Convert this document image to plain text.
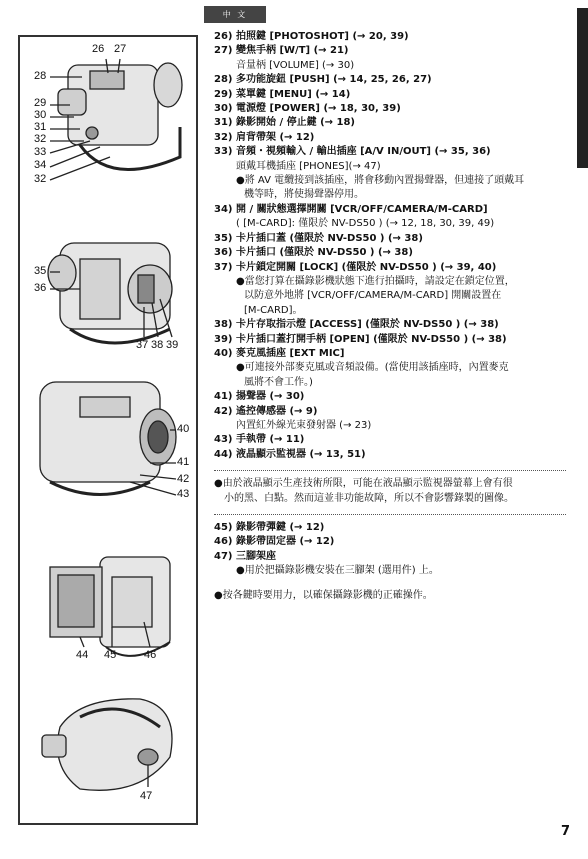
中 文
26 27
28
29
30
31
32
33
34
32
35
36
37 38 39
40
41
42
43
44 45	46
47
26) 拍照鍵 [PHOTOSHOT] (→ 20, 39)
27) 變焦手柄 [W/T] (→ 21)
音量柄 [VOLUME] (→ 30)
28) 多功能旋鈕 [PUSH] (→ 14, 25, 26, 27)
29) 菜單鍵 [MENU] (→ 14)
30) 電源燈 [POWER] (→ 18, 30, 39)
31) 錄影開始 / 停止鍵 (→ 18)
32) 肩背帶架 (→ 12)
33) 音頻・視頻輸入 / 輸出插座 [A/V IN/OUT] (→ 35, 36)
頭戴耳機插座 [PHONES](→ 47)
●將 AV 電纜接到該插座，將會移動內置揚聲器，但連接了頭戴耳
機等時，將使揚聲器停用。
34) 開 / 關狀態選擇開關 [VCR/OFF/CAMERA/M-CARD]
( [M-CARD]: 僅限於 NV-DS50 ) (→ 12, 18, 30, 39, 49)
35) 卡片插口蓋 (僅限於 NV-DS50 ) (→ 38)
36) 卡片插口 (僅限於 NV-DS50 ) (→ 38)
37) 卡片鎖定開關 [LOCK] (僅限於 NV-DS50 ) (→ 39, 40)
●當您打算在攝錄影機狀態下進行拍攝時，請設定在鎖定位置，
以防意外地將 [VCR/OFF/CAMERA/M-CARD] 開關設置在
[M-CARD]。
38) 卡片存取指示燈 [ACCESS] (僅限於 NV-DS50 ) (→ 38)
39) 卡片插口蓋打開手柄 [OPEN] (僅限於 NV-DS50 ) (→ 38)
40) 麥克風插座 [EXT MIC]
●可連接外部麥克風或音頻設備。(當使用該插座時，內置麥克
風將不會工作。)
41) 揚聲器 (→ 30)
42) 遙控傳感器 (→ 9)
內置紅外線光束發射器 (→ 23)
43) 手執帶 (→ 11)
44) 液晶顯示監視器 (→ 13, 51)
●由於液晶顯示生產技術所限，可能在液晶顯示監視器螢幕上會有很
小的黑、白點。然而這並非功能故障，所以不會影響錄製的圖像。
45) 錄影帶彈鍵 (→ 12)
46) 錄影帶固定器 (→ 12)
47) 三腳架座
●用於把攝錄影機安裝在三腳架 (選用件) 上。
●按各鍵時要用力，以確保攝錄影機的正確操作。
7
